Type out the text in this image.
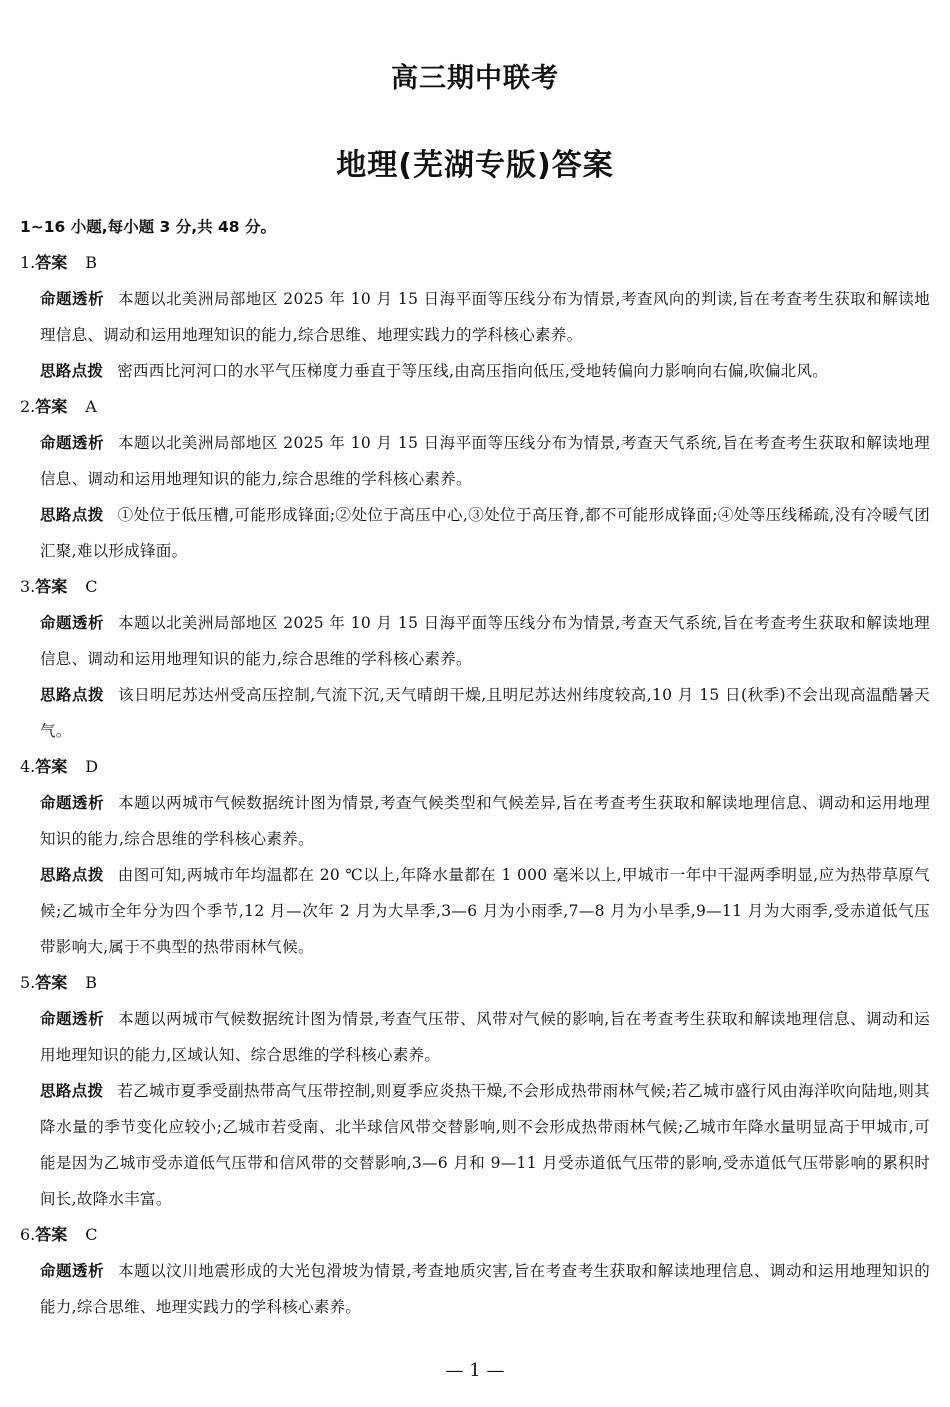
高三期中联考
地理(芜湖专版)答案

1~16 小题,每小题 3 分,共 48 分。

1.答案 B

命题透析 本题以北美洲局部地区 2025 年 10 月 15 日海平面等压线分布为情景,考查风向的判读,旨在考查考生获取和解读地理信息、调动和运用地理知识的能力,综合思维、地理实践力的学科核心素养。

思路点拨 密西西比河河口的水平气压梯度力垂直于等压线,由高压指向低压,受地转偏向力影响向右偏,吹偏北风。

2.答案 A

命题透析 本题以北美洲局部地区 2025 年 10 月 15 日海平面等压线分布为情景,考查天气系统,旨在考查考生获取和解读地理信息、调动和运用地理知识的能力,综合思维的学科核心素养。

思路点拨 ①处位于低压槽,可能形成锋面;②处位于高压中心,③处位于高压脊,都不可能形成锋面;④处等压线稀疏,没有冷暖气团汇聚,难以形成锋面。

3.答案 C

命题透析 本题以北美洲局部地区 2025 年 10 月 15 日海平面等压线分布为情景,考查天气系统,旨在考查考生获取和解读地理信息、调动和运用地理知识的能力,综合思维的学科核心素养。

思路点拨 该日明尼苏达州受高压控制,气流下沉,天气晴朗干燥,且明尼苏达州纬度较高,10 月 15 日(秋季)不会出现高温酷暑天气。

4.答案 D

命题透析 本题以两城市气候数据统计图为情景,考查气候类型和气候差异,旨在考查考生获取和解读地理信息、调动和运用地理知识的能力,综合思维的学科核心素养。

思路点拨 由图可知,两城市年均温都在 20 ℃以上,年降水量都在 1 000 毫米以上,甲城市一年中干湿两季明显,应为热带草原气候;乙城市全年分为四个季节,12 月—次年 2 月为大旱季,3—6 月为小雨季,7—8 月为小旱季,9—11 月为大雨季,受赤道低气压带影响大,属于不典型的热带雨林气候。

5.答案 B

命题透析 本题以两城市气候数据统计图为情景,考查气压带、风带对气候的影响,旨在考查考生获取和解读地理信息、调动和运用地理知识的能力,区域认知、综合思维的学科核心素养。

思路点拨 若乙城市夏季受副热带高气压带控制,则夏季应炎热干燥,不会形成热带雨林气候;若乙城市盛行风由海洋吹向陆地,则其降水量的季节变化应较小;乙城市若受南、北半球信风带交替影响,则不会形成热带雨林气候;乙城市年降水量明显高于甲城市,可能是因为乙城市受赤道低气压带和信风带的交替影响,3—6 月和 9—11 月受赤道低气压带的影响,受赤道低气压带影响的累积时间长,故降水丰富。

6.答案 C

命题透析 本题以汶川地震形成的大光包滑坡为情景,考查地质灾害,旨在考查考生获取和解读地理信息、调动和运用地理知识的能力,综合思维、地理实践力的学科核心素养。

— 1 —
